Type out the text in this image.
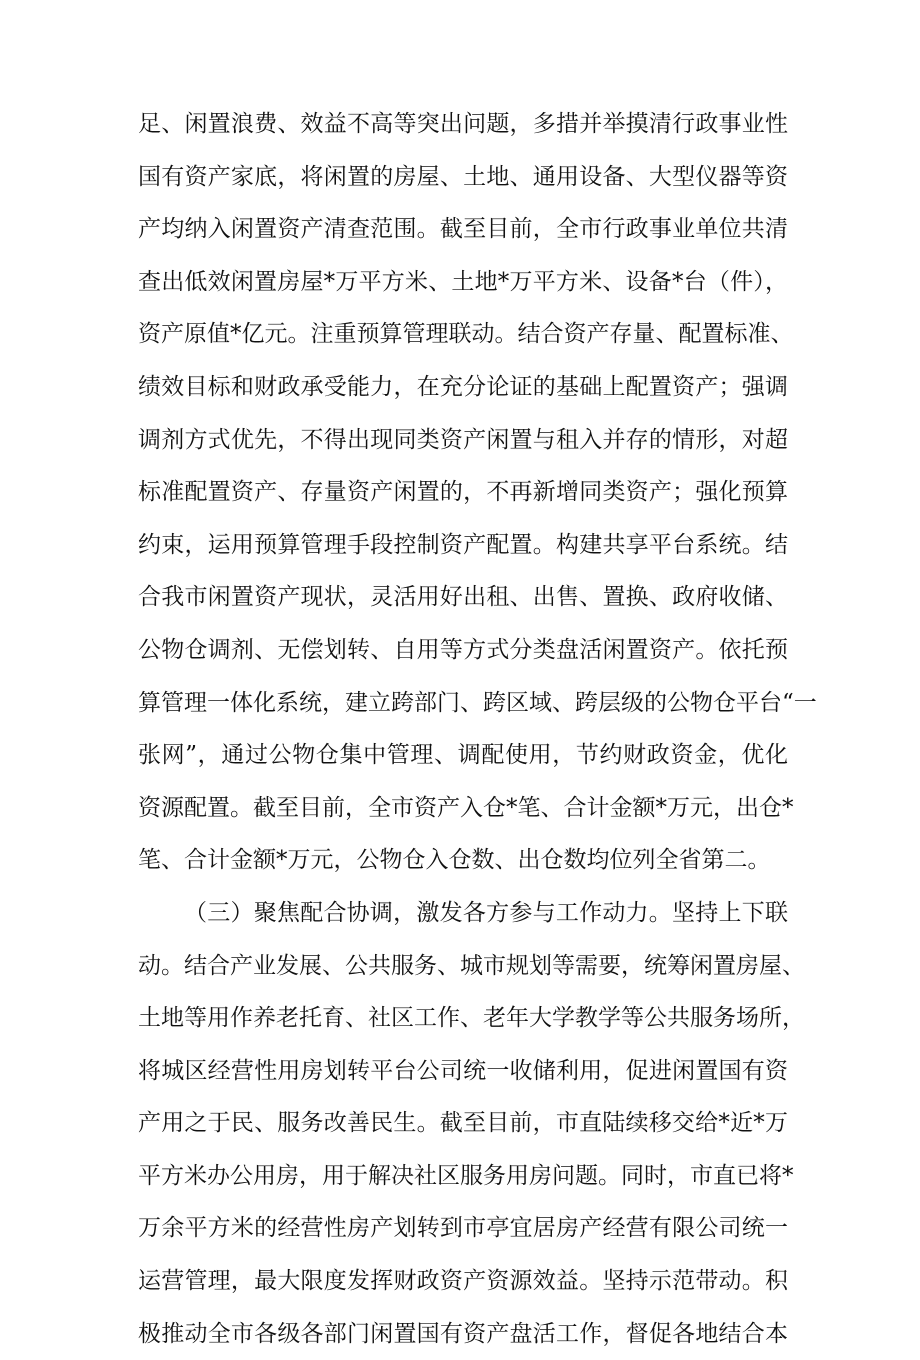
足、闲置浪费、效益不高等突出问题，多措并举摸清行政事业性
国有资产家底，将闲置的房屋、土地、通用设备、大型仪器等资
产均纳入闲置资产清查范围。截至目前，全市行政事业单位共清
查出低效闲置房屋*万平方米、土地*万平方米、设备*台（件），
资产原值*亿元。注重预算管理联动。结合资产存量、配置标准、
绩效目标和财政承受能力，在充分论证的基础上配置资产；强调
调剂方式优先，不得出现同类资产闲置与租入并存的情形，对超
标准配置资产、存量资产闲置的，不再新增同类资产；强化预算
约束，运用预算管理手段控制资产配置。构建共享平台系统。结
合我市闲置资产现状，灵活用好出租、出售、置换、政府收储、
公物仓调剂、无偿划转、自用等方式分类盘活闲置资产。依托预
算管理一体化系统，建立跨部门、跨区域、跨层级的公物仓平台“一
张网”，通过公物仓集中管理、调配使用，节约财政资金，优化
资源配置。截至目前，全市资产入仓*笔、合计金额*万元，出仓*
笔、合计金额*万元，公物仓入仓数、出仓数均位列全省第二。
（三）聚焦配合协调，激发各方参与工作动力。坚持上下联
动。结合产业发展、公共服务、城市规划等需要，统筹闲置房屋、
土地等用作养老托育、社区工作、老年大学教学等公共服务场所，
将城区经营性用房划转平台公司统一收储利用，促进闲置国有资
产用之于民、服务改善民生。截至目前，市直陆续移交给*近*万
平方米办公用房，用于解决社区服务用房问题。同时，市直已将*
万余平方米的经营性房产划转到市亭宜居房产经营有限公司统一
运营管理，最大限度发挥财政资产资源效益。坚持示范带动。积
极推动全市各级各部门闲置国有资产盘活工作，督促各地结合本
